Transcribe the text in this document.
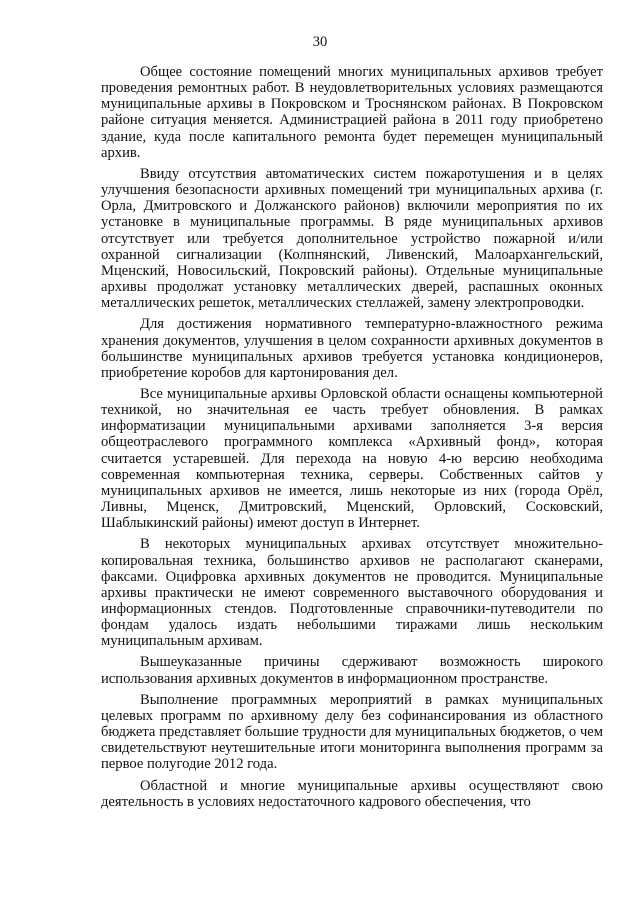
30

Общее состояние помещений многих муниципальных архивов требует проведения ремонтных работ. В неудовлетворительных условиях размещаются муниципальные архивы в Покровском и Троснянском районах. В Покровском районе ситуация меняется. Администрацией района в 2011 году приобретено здание, куда после капитального ремонта будет перемещен муниципальный архив.

Ввиду отсутствия автоматических систем пожаротушения и в целях улучшения безопасности архивных помещений три муниципальных архива (г. Орла, Дмитровского и Должанского районов) включили мероприятия по их установке в муниципальные программы. В ряде муниципальных архивов отсутствует или требуется дополнительное устройство пожарной и/или охранной сигнализации (Колпнянский, Ливенский, Малоархангельский, Мценский, Новосильский, Покровский районы). Отдельные муниципальные архивы продолжат установку металлических дверей, распашных оконных металлических решеток, металлических стеллажей, замену электропроводки.

Для достижения нормативного температурно-влажностного режима хранения документов, улучшения в целом сохранности архивных документов в большинстве муниципальных архивов требуется установка кондиционеров, приобретение коробов для картонирования дел.

Все муниципальные архивы Орловской области оснащены компьютерной техникой, но значительная ее часть требует обновления. В рамках информатизации муниципальными архивами заполняется 3-я версия общеотраслевого программного комплекса «Архивный фонд», которая считается устаревшей. Для перехода на новую 4-ю версию необходима современная компьютерная техника, серверы. Собственных сайтов у муниципальных архивов не имеется, лишь некоторые из них (города Орёл, Ливны, Мценск, Дмитровский, Мценский, Орловский, Сосковский, Шаблыкинский районы) имеют доступ в Интернет.

В некоторых муниципальных архивах отсутствует множительно-копировальная техника, большинство архивов не располагают сканерами, факсами. Оцифровка архивных документов не проводится. Муниципальные архивы практически не имеют современного выставочного оборудования и информационных стендов. Подготовленные справочники-путеводители по фондам удалось издать небольшими тиражами лишь нескольким муниципальным архивам.

Вышеуказанные причины сдерживают возможность широкого использования архивных документов в информационном пространстве.

Выполнение программных мероприятий в рамках муниципальных целевых программ по архивному делу без софинансирования из областного бюджета представляет большие трудности для муниципальных бюджетов, о чем свидетельствуют неутешительные итоги мониторинга выполнения программ за первое полугодие 2012 года.

Областной и многие муниципальные архивы осуществляют свою деятельность в условиях недостаточного кадрового обеспечения, что
